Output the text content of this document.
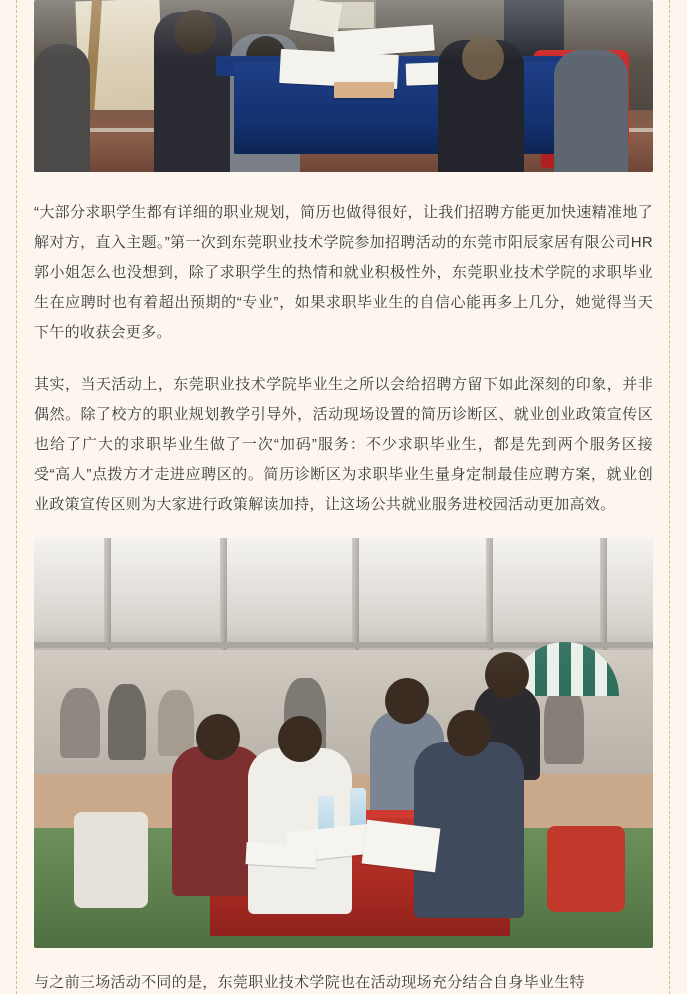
“大部分求职学生都有详细的职业规划，简历也做得很好，让我们招聘方能更加快速精准地了解对方，直入主题。”第一次到东莞职业技术学院参加招聘活动的东莞市阳辰家居有限公司HR郭小姐怎么也没想到，除了求职学生的热情和就业积极性外，东莞职业技术学院的求职毕业生在应聘时也有着超出预期的“专业”，如果求职毕业生的自信心能再多上几分，她觉得当天下午的收获会更多。

其实，当天活动上，东莞职业技术学院毕业生之所以会给招聘方留下如此深刻的印象，并非偶然。除了校方的职业规划教学引导外，活动现场设置的简历诊断区、就业创业政策宣传区也给了广大的求职毕业生做了一次“加码”服务：不少求职毕业生，都是先到两个服务区接受“高人”点拨方才走进应聘区的。简历诊断区为求职毕业生量身定制最佳应聘方案，就业创业政策宣传区则为大家进行政策解读加持，让这场公共就业服务进校园活动更加高效。

与之前三场活动不同的是，东莞职业技术学院也在活动现场充分结合自身毕业生特
